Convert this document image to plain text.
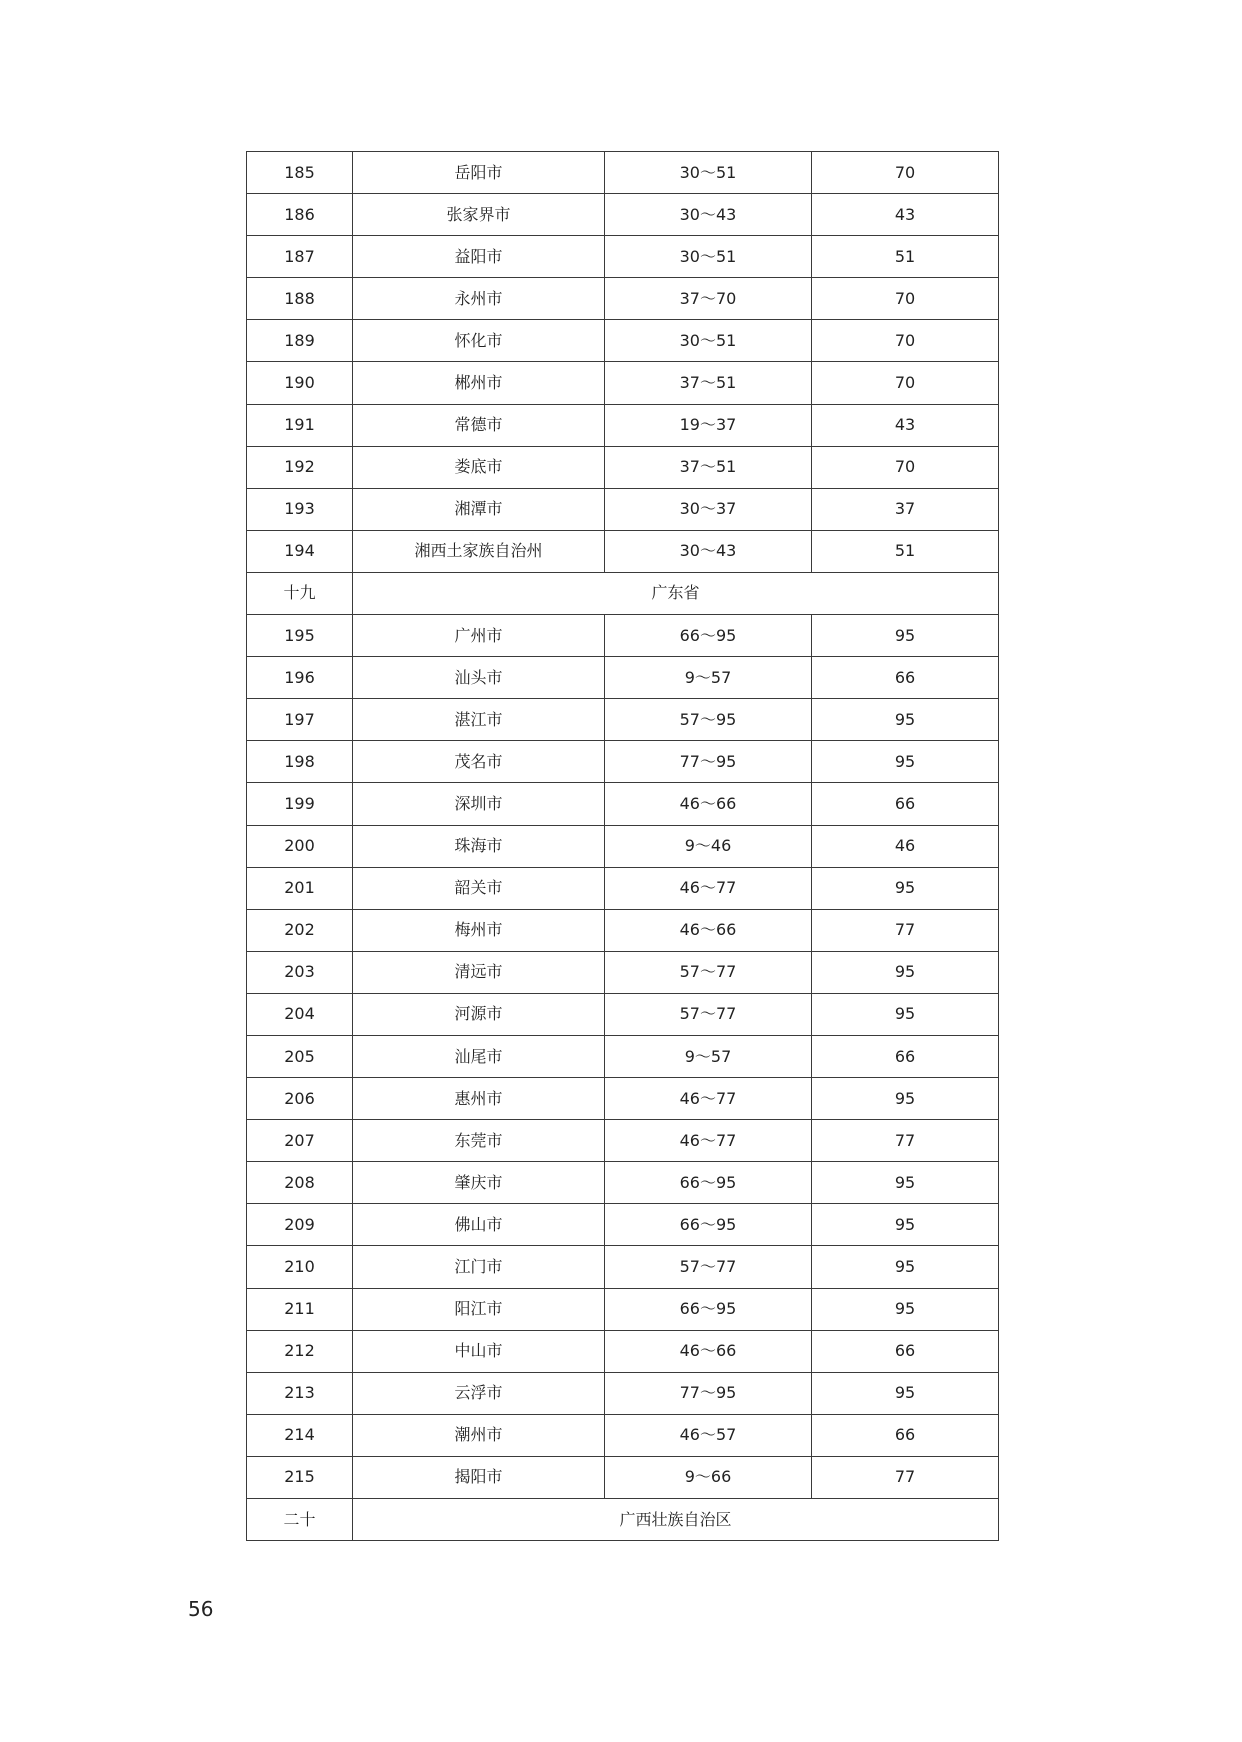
185	岳阳市	30～51	70
186	张家界市	30～43	43
187	益阳市	30～51	51
188	永州市	37～70	70
189	怀化市	30～51	70
190	郴州市	37～51	70
191	常德市	19～37	43
192	娄底市	37～51	70
193	湘潭市	30～37	37
194	湘西土家族自治州	30～43	51
十九	广东省		
195	广州市	66～95	95
196	汕头市	9～57	66
197	湛江市	57～95	95
198	茂名市	77～95	95
199	深圳市	46～66	66
200	珠海市	9～46	46
201	韶关市	46～77	95
202	梅州市	46～66	77
203	清远市	57～77	95
204	河源市	57～77	95
205	汕尾市	9～57	66
206	惠州市	46～77	95
207	东莞市	46～77	77
208	肇庆市	66～95	95
209	佛山市	66～95	95
210	江门市	57～77	95
211	阳江市	66～95	95
212	中山市	46～66	66
213	云浮市	77～95	95
214	潮州市	46～57	66
215	揭阳市	9～66	77
二十	广西壮族自治区		
56
